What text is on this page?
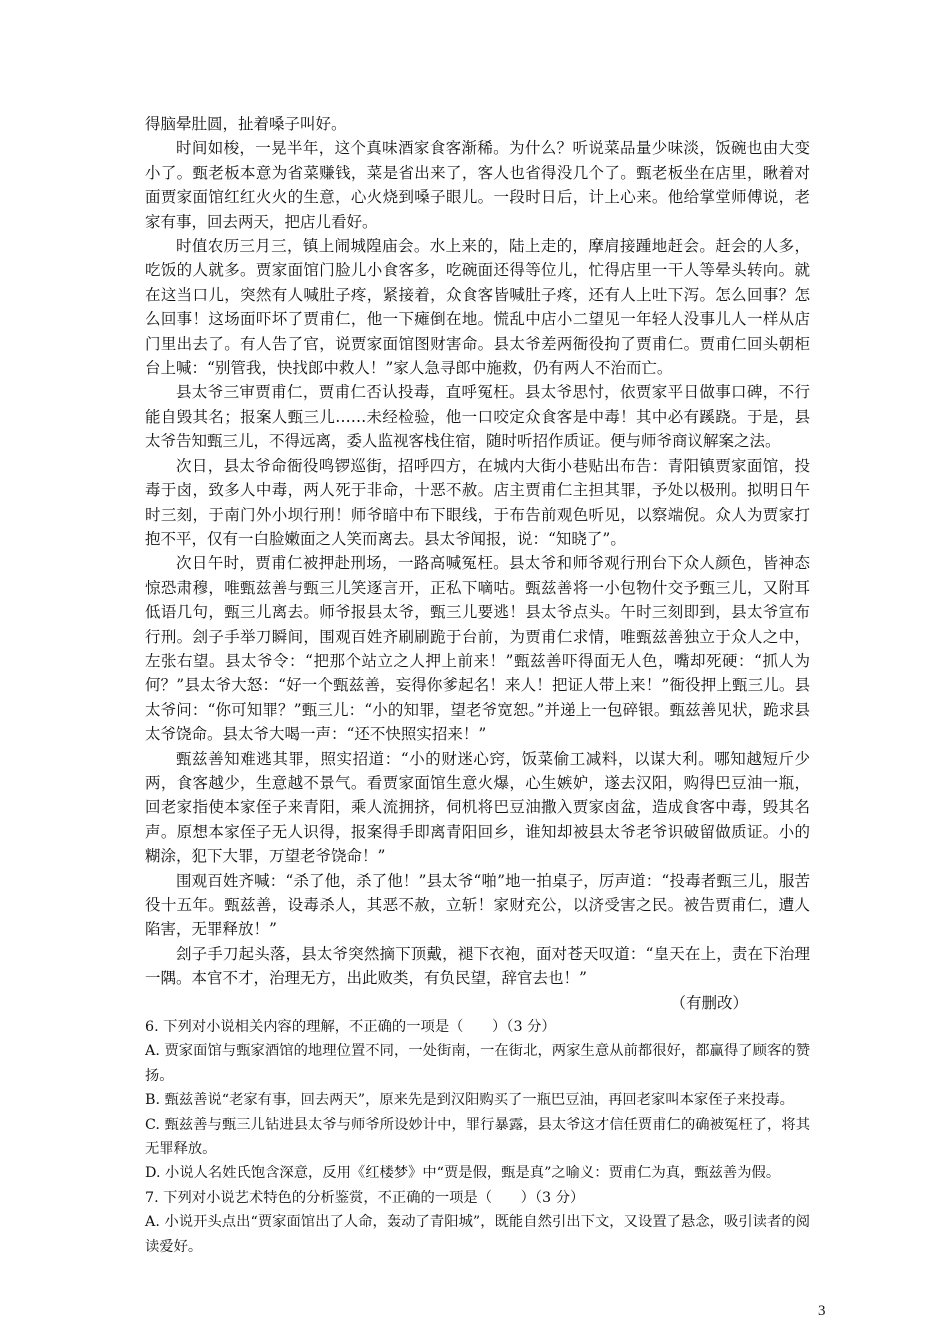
得脑晕肚圆，扯着嗓子叫好。

时间如梭，一晃半年，这个真味酒家食客渐稀。为什么？听说菜品量少味淡，饭碗也由大变小了。甄老板本意为省菜赚钱，菜是省出来了，客人也省得没几个了。甄老板坐在店里，瞅着对面贾家面馆红红火火的生意，心火烧到嗓子眼儿。一段时日后，计上心来。他给掌堂师傅说，老家有事，回去两天，把店儿看好。

时值农历三月三，镇上闹城隍庙会。水上来的，陆上走的，摩肩接踵地赶会。赶会的人多，吃饭的人就多。贾家面馆门脸儿小食客多，吃碗面还得等位儿，忙得店里一干人等晕头转向。就在这当口儿，突然有人喊肚子疼，紧接着，众食客皆喊肚子疼，还有人上吐下泻。怎么回事？怎么回事！这场面吓坏了贾甫仁，他一下瘫倒在地。慌乱中店小二望见一年轻人没事儿人一样从店门里出去了。有人告了官，说贾家面馆图财害命。县太爷差两衙役拘了贾甫仁。贾甫仁回头朝柜台上喊：“别管我，快找郎中救人！”家人急寻郎中施救，仍有两人不治而亡。

县太爷三审贾甫仁，贾甫仁否认投毒，直呼冤枉。县太爷思忖，依贾家平日做事口碑，不行能自毁其名；报案人甄三儿……未经检验，他一口咬定众食客是中毒！其中必有蹊跷。于是，县太爷告知甄三儿，不得远离，委人监视客栈住宿，随时听招作质证。便与师爷商议解案之法。

次日，县太爷命衙役鸣锣巡街，招呼四方，在城内大街小巷贴出布告：青阳镇贾家面馆，投毒于卤，致多人中毒，两人死于非命，十恶不赦。店主贾甫仁主担其罪，予处以极刑。拟明日午时三刻，于南门外小坝行刑！师爷暗中布下眼线，于布告前观色听见，以察端倪。众人为贾家打抱不平，仅有一白脸嫩面之人笑而离去。县太爷闻报，说：“知晓了”。

次日午时，贾甫仁被押赴刑场，一路高喊冤枉。县太爷和师爷观行刑台下众人颜色，皆神态惊恐肃穆，唯甄兹善与甄三儿笑逐言开，正私下嘀咕。甄兹善将一小包物什交予甄三儿，又附耳低语几句，甄三儿离去。师爷报县太爷，甄三儿要逃！县太爷点头。午时三刻即到，县太爷宣布行刑。刽子手举刀瞬间，围观百姓齐刷刷跪于台前，为贾甫仁求情，唯甄兹善独立于众人之中，左张右望。县太爷令：“把那个站立之人押上前来！”甄兹善吓得面无人色，嘴却死硬：“抓人为何？”县太爷大怒：“好一个甄兹善，妄得你爹起名！来人！把证人带上来！”衙役押上甄三儿。县太爷问：“你可知罪？”甄三儿：“小的知罪，望老爷宽恕。”并递上一包碎银。甄兹善见状，跪求县太爷饶命。县太爷大喝一声：“还不快照实招来！”

甄兹善知难逃其罪，照实招道：“小的财迷心窍，饭菜偷工减料，以谋大利。哪知越短斤少两，食客越少，生意越不景气。看贾家面馆生意火爆，心生嫉妒，遂去汉阳，购得巴豆油一瓶，回老家指使本家侄子来青阳，乘人流拥挤，伺机将巴豆油撒入贾家卤盆，造成食客中毒，毁其名声。原想本家侄子无人识得，报案得手即离青阳回乡，谁知却被县太爷老爷识破留做质证。小的糊涂，犯下大罪，万望老爷饶命！”

围观百姓齐喊：“杀了他，杀了他！”县太爷“啪”地一拍桌子，厉声道：“投毒者甄三儿，服苦役十五年。甄兹善，设毒杀人，其恶不赦，立斩！家财充公，以济受害之民。被告贾甫仁，遭人陷害，无罪释放！”

刽子手刀起头落，县太爷突然摘下顶戴，褪下衣袍，面对苍天叹道：“皇天在上，责在下治理一隅。本官不才，治理无方，出此败类，有负民望，辞官去也！”

（有删改）

6. 下列对小说相关内容的理解，不正确的一项是（　　）（3 分）

A. 贾家面馆与甄家酒馆的地理位置不同，一处街南，一在街北，两家生意从前都很好，都赢得了顾客的赞扬。

B. 甄兹善说“老家有事，回去两天”，原来先是到汉阳购买了一瓶巴豆油，再回老家叫本家侄子来投毒。

C. 甄兹善与甄三儿钻进县太爷与师爷所设妙计中，罪行暴露，县太爷这才信任贾甫仁的确被冤枉了，将其无罪释放。

D. 小说人名姓氏饱含深意，反用《红楼梦》中“贾是假，甄是真”之喻义：贾甫仁为真，甄兹善为假。

7. 下列对小说艺术特色的分析鉴赏，不正确的一项是（　　）（3 分）

A. 小说开头点出“贾家面馆出了人命，轰动了青阳城”，既能自然引出下文，又设置了悬念，吸引读者的阅读爱好。

3
